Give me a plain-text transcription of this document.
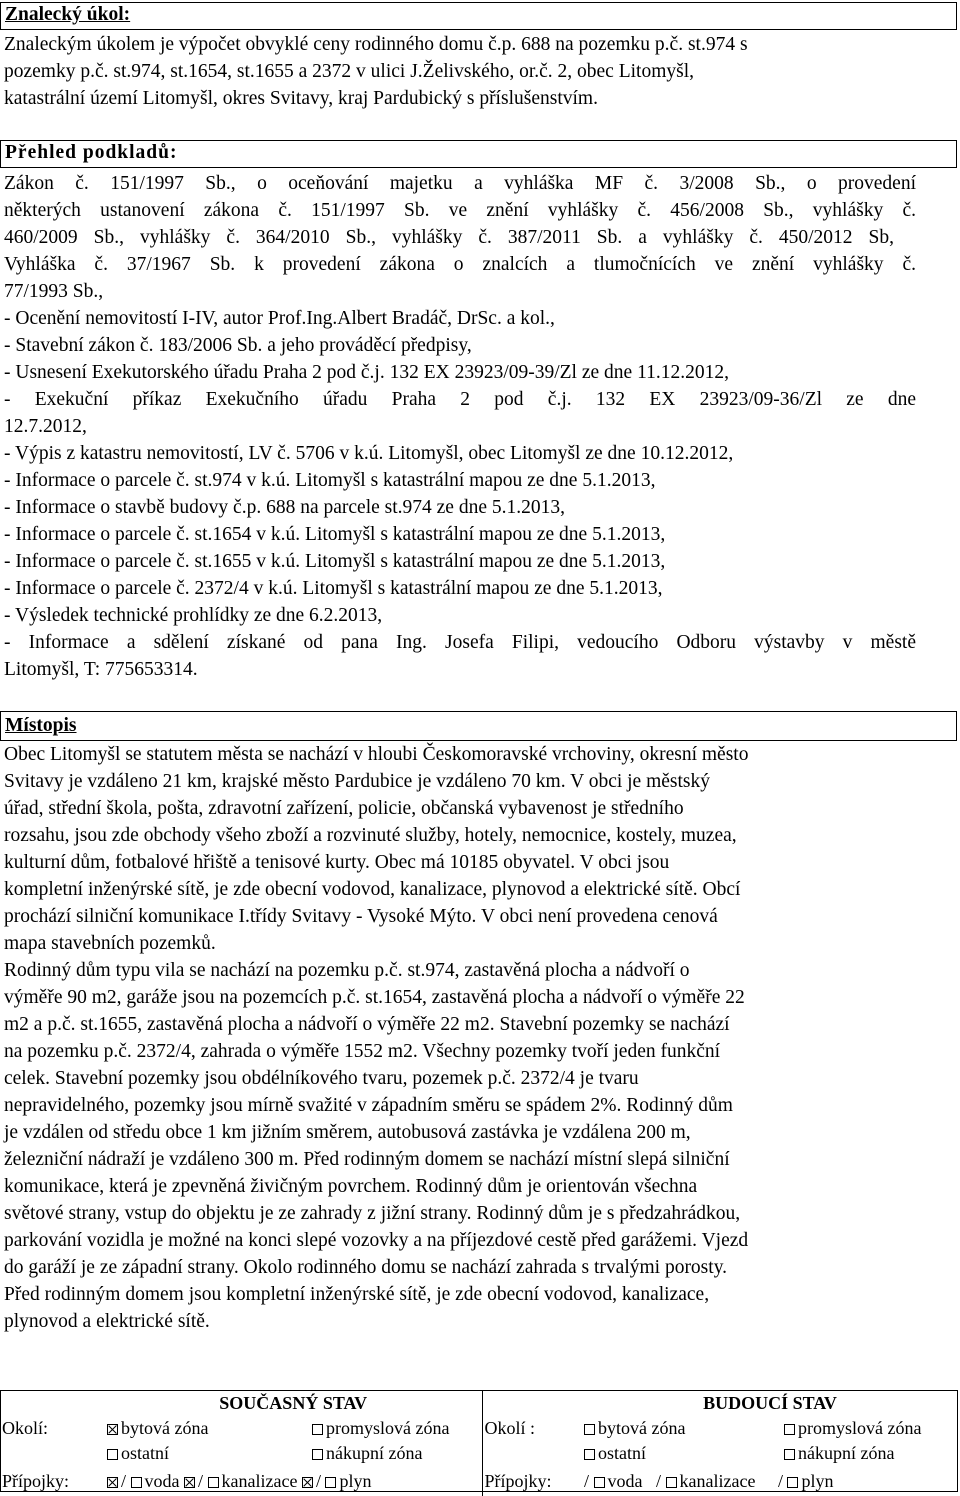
Znalecký úkol:
Znaleckým úkolem je výpočet obvyklé ceny rodinného domu č.p. 688 na pozemku p.č. st.974 s
pozemky p.č. st.974, st.1654, st.1655 a 2372 v ulici J.Želivského, or.č. 2, obec Litomyšl,
katastrální území Litomyšl, okres Svitavy, kraj Pardubický s příslušenstvím.
Přehled podkladů:
Zákon č. 151/1997 Sb., o oceňování majetku a vyhláška MF č. 3/2008 Sb., o provedení
některých ustanovení zákona č. 151/1997 Sb. ve znění vyhlášky č. 456/2008 Sb., vyhlášky č.
460/2009 Sb., vyhlášky č. 364/2010 Sb., vyhlášky č. 387/2011 Sb. a vyhlášky č. 450/2012 Sb,
Vyhláška č. 37/1967 Sb. k provedení zákona o znalcích a tlumočnících ve znění vyhlášky č.
77/1993 Sb.,
- Ocenění nemovitostí I-IV, autor Prof.Ing.Albert Bradáč, DrSc. a kol.,
- Stavební zákon č. 183/2006 Sb. a jeho prováděcí předpisy,
- Usnesení Exekutorského úřadu Praha 2 pod č.j. 132 EX 23923/09-39/Zl ze dne 11.12.2012,
- Exekuční příkaz Exekučního úřadu Praha 2 pod č.j. 132 EX 23923/09-36/Zl ze dne
12.7.2012,
- Výpis z katastru nemovitostí, LV č. 5706 v k.ú. Litomyšl, obec Litomyšl ze dne 10.12.2012,
- Informace o parcele č. st.974 v k.ú. Litomyšl s katastrální mapou ze dne 5.1.2013,
- Informace o stavbě budovy č.p. 688 na parcele st.974 ze dne 5.1.2013,
- Informace o parcele č. st.1654 v k.ú. Litomyšl s katastrální mapou ze dne 5.1.2013,
- Informace o parcele č. st.1655 v k.ú. Litomyšl s katastrální mapou ze dne 5.1.2013,
- Informace o parcele č. 2372/4 v k.ú. Litomyšl s katastrální mapou ze dne 5.1.2013,
- Výsledek technické prohlídky ze dne 6.2.2013,
- Informace a sdělení získané od pana Ing. Josefa Filipi, vedoucího Odboru výstavby v městě
Litomyšl, T: 775653314.
Místopis
Obec Litomyšl se statutem města se nachází v hloubi Českomoravské vrchoviny, okresní město
Svitavy je vzdáleno 21 km, krajské město Pardubice je vzdáleno 70 km. V obci je městský
úřad, střední škola, pošta, zdravotní zařízení, policie, občanská vybavenost je středního
rozsahu, jsou zde obchody všeho zboží a rozvinuté služby, hotely, nemocnice, kostely, muzea,
kulturní dům, fotbalové hřiště a tenisové kurty. Obec má 10185 obyvatel. V obci jsou
kompletní inženýrské sítě, je zde obecní vodovod, kanalizace, plynovod a elektrické sítě. Obcí
prochází silniční komunikace I.třídy Svitavy - Vysoké Mýto. V obci není provedena cenová
mapa stavebních pozemků.
Rodinný dům typu vila se nachází na pozemku p.č. st.974, zastavěná plocha a nádvoří o
výměře 90 m2, garáže jsou na pozemcích p.č. st.1654, zastavěná plocha a nádvoří o výměře 22
m2 a p.č. st.1655, zastavěná plocha a nádvoří o výměře 22 m2. Stavební pozemky se nachází
na pozemku p.č. 2372/4, zahrada o výměře 1552 m2. Všechny pozemky tvoří jeden funkční
celek. Stavební pozemky jsou obdélníkového tvaru, pozemek p.č. 2372/4 je tvaru
nepravidelného, pozemky jsou mírně svažité v západním směru se spádem 2%. Rodinný dům
je vzdálen od středu obce 1 km jižním směrem, autobusová zastávka je vzdálena 200 m,
železniční nádraží je vzdáleno 300 m. Před rodinným domem se nachází místní slepá silniční
komunikace, která je zpevněná živičným povrchem. Rodinný dům je orientován všechna
světové strany, vstup do objektu je ze zahrady z jižní strany. Rodinný dům je s předzahrádkou,
parkování vozidla je možné na konci slepé vozovky a na příjezdové cestě před garážemi. Vjezd
do garáží je ze západní strany. Okolo rodinného domu se nachází zahrada s trvalými porosty.
Před rodinným domem jsou kompletní inženýrské sítě, je zde obecní vodovod, kanalizace,
plynovod a elektrické sítě.
	SOUČASNÝ STAV			BUDOUCÍ STAV	
Okolí:	bytová zóna	promyslová zóna	Okolí :	bytová zóna	promyslová zóna
	ostatní	nákupní zóna		ostatní	nákupní zóna
Přípojky:	/ voda / kanalizace / plyn		Přípojky:	/ voda / kanalizace / plyn	
